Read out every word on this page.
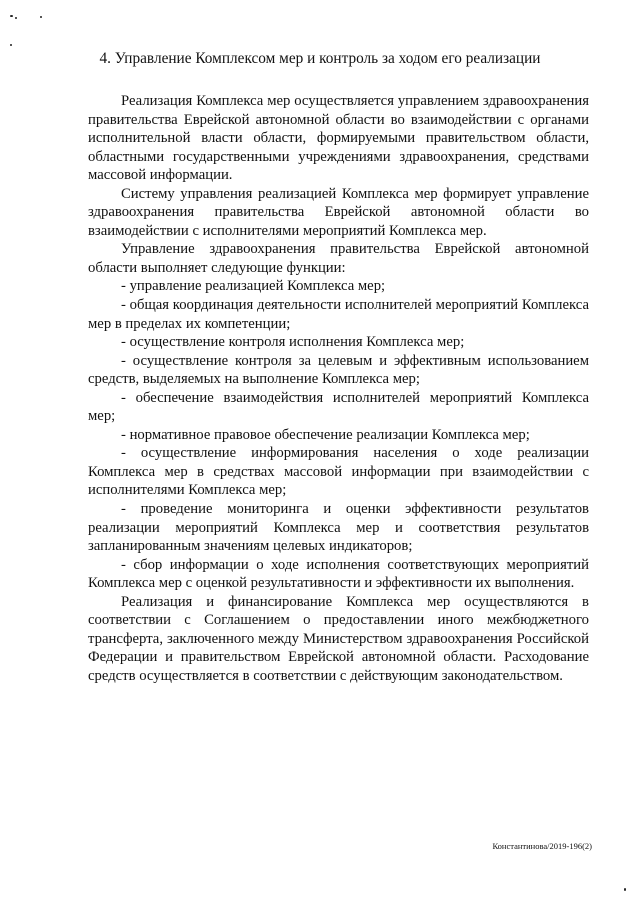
4. Управление Комплексом мер и контроль за ходом его реализации

Реализация Комплекса мер осуществляется управлением здравоохранения правительства Еврейской автономной области во взаимодействии с органами исполнительной власти области, формируемыми правительством области, областными государственными учреждениями здравоохранения, средствами массовой информации.

Систему управления реализацией Комплекса мер формирует управление здравоохранения правительства Еврейской автономной области во взаимодействии с исполнителями мероприятий Комплекса мер.

Управление здравоохранения правительства Еврейской автономной области выполняет следующие функции:

- управление реализацией Комплекса мер;

- общая координация деятельности исполнителей мероприятий Комплекса мер в пределах их компетенции;

- осуществление контроля исполнения Комплекса мер;

- осуществление контроля за целевым и эффективным использованием средств, выделяемых на выполнение Комплекса мер;

- обеспечение взаимодействия исполнителей мероприятий Комплекса мер;

- нормативное правовое обеспечение реализации Комплекса мер;

- осуществление информирования населения о ходе реализации Комплекса мер в средствах массовой информации при взаимодействии с исполнителями Комплекса мер;

- проведение мониторинга и оценки эффективности результатов реализации мероприятий Комплекса мер и соответствия результатов запланированным значениям целевых индикаторов;

- сбор информации о ходе исполнения соответствующих мероприятий Комплекса мер с оценкой результативности и эффективности их выполнения.

Реализация и финансирование Комплекса мер осуществляются в соответствии с Соглашением о предоставлении иного межбюджетного трансферта, заключенного между Министерством здравоохранения Российской Федерации и правительством Еврейской автономной области. Расходование средств осуществляется в соответствии с действующим законодательством.

Константинова/2019-196(2)
